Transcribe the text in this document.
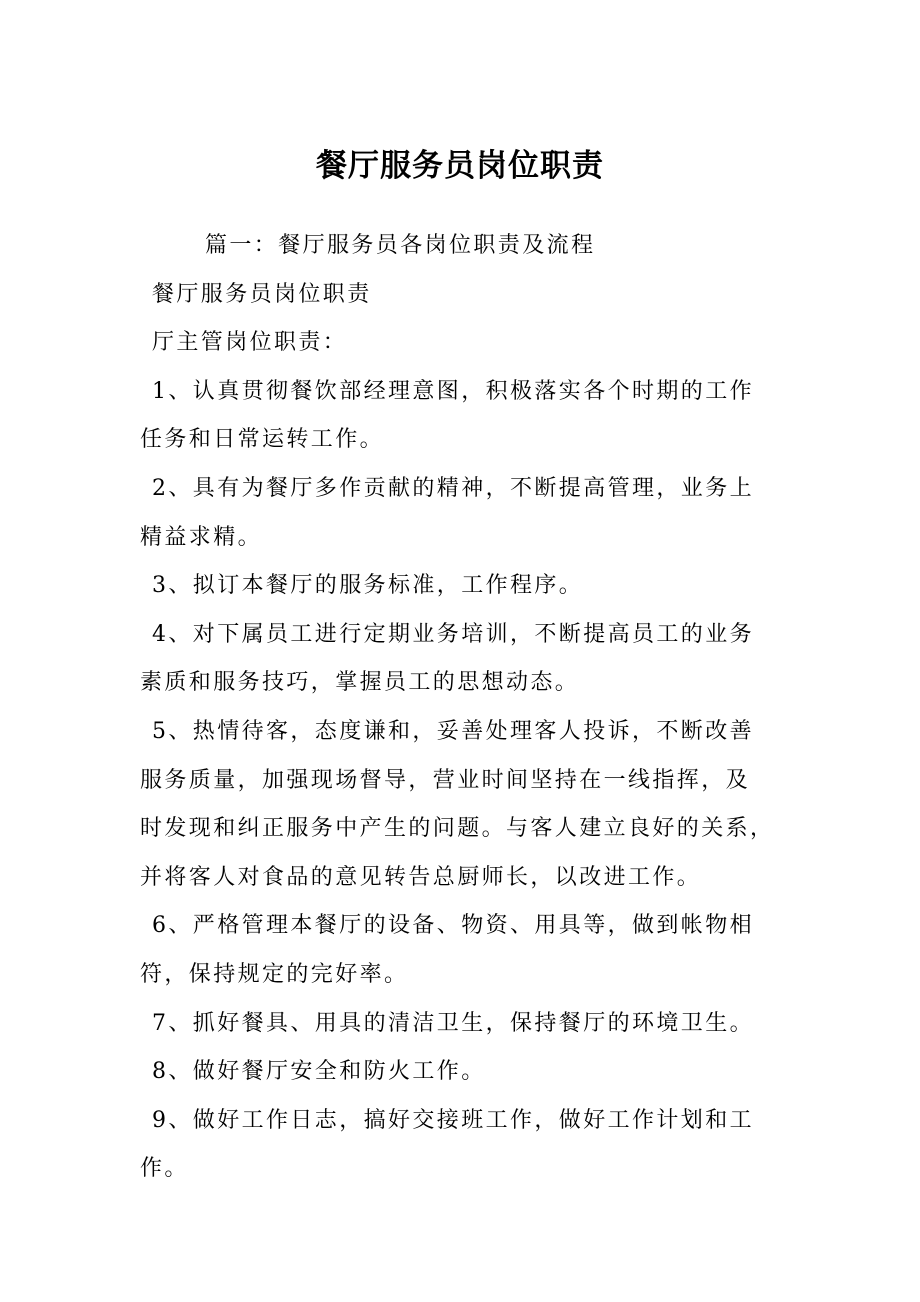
餐厅服务员岗位职责
篇一：餐厅服务员各岗位职责及流程
餐厅服务员岗位职责
厅主管岗位职责：
1、认真贯彻餐饮部经理意图，积极落实各个时期的工作
任务和日常运转工作。
2、具有为餐厅多作贡献的精神，不断提高管理，业务上
精益求精。
3、拟订本餐厅的服务标准，工作程序。
4、对下属员工进行定期业务培训，不断提高员工的业务
素质和服务技巧，掌握员工的思想动态。
5、热情待客，态度谦和，妥善处理客人投诉，不断改善
服务质量，加强现场督导，营业时间坚持在一线指挥，及
时发现和纠正服务中产生的问题。与客人建立良好的关系，
并将客人对食品的意见转告总厨师长，以改进工作。
6、严格管理本餐厅的设备、物资、用具等，做到帐物相
符，保持规定的完好率。
7、抓好餐具、用具的清洁卫生，保持餐厅的环境卫生。
8、做好餐厅安全和防火工作。
9、做好工作日志，搞好交接班工作，做好工作计划和工
作。
